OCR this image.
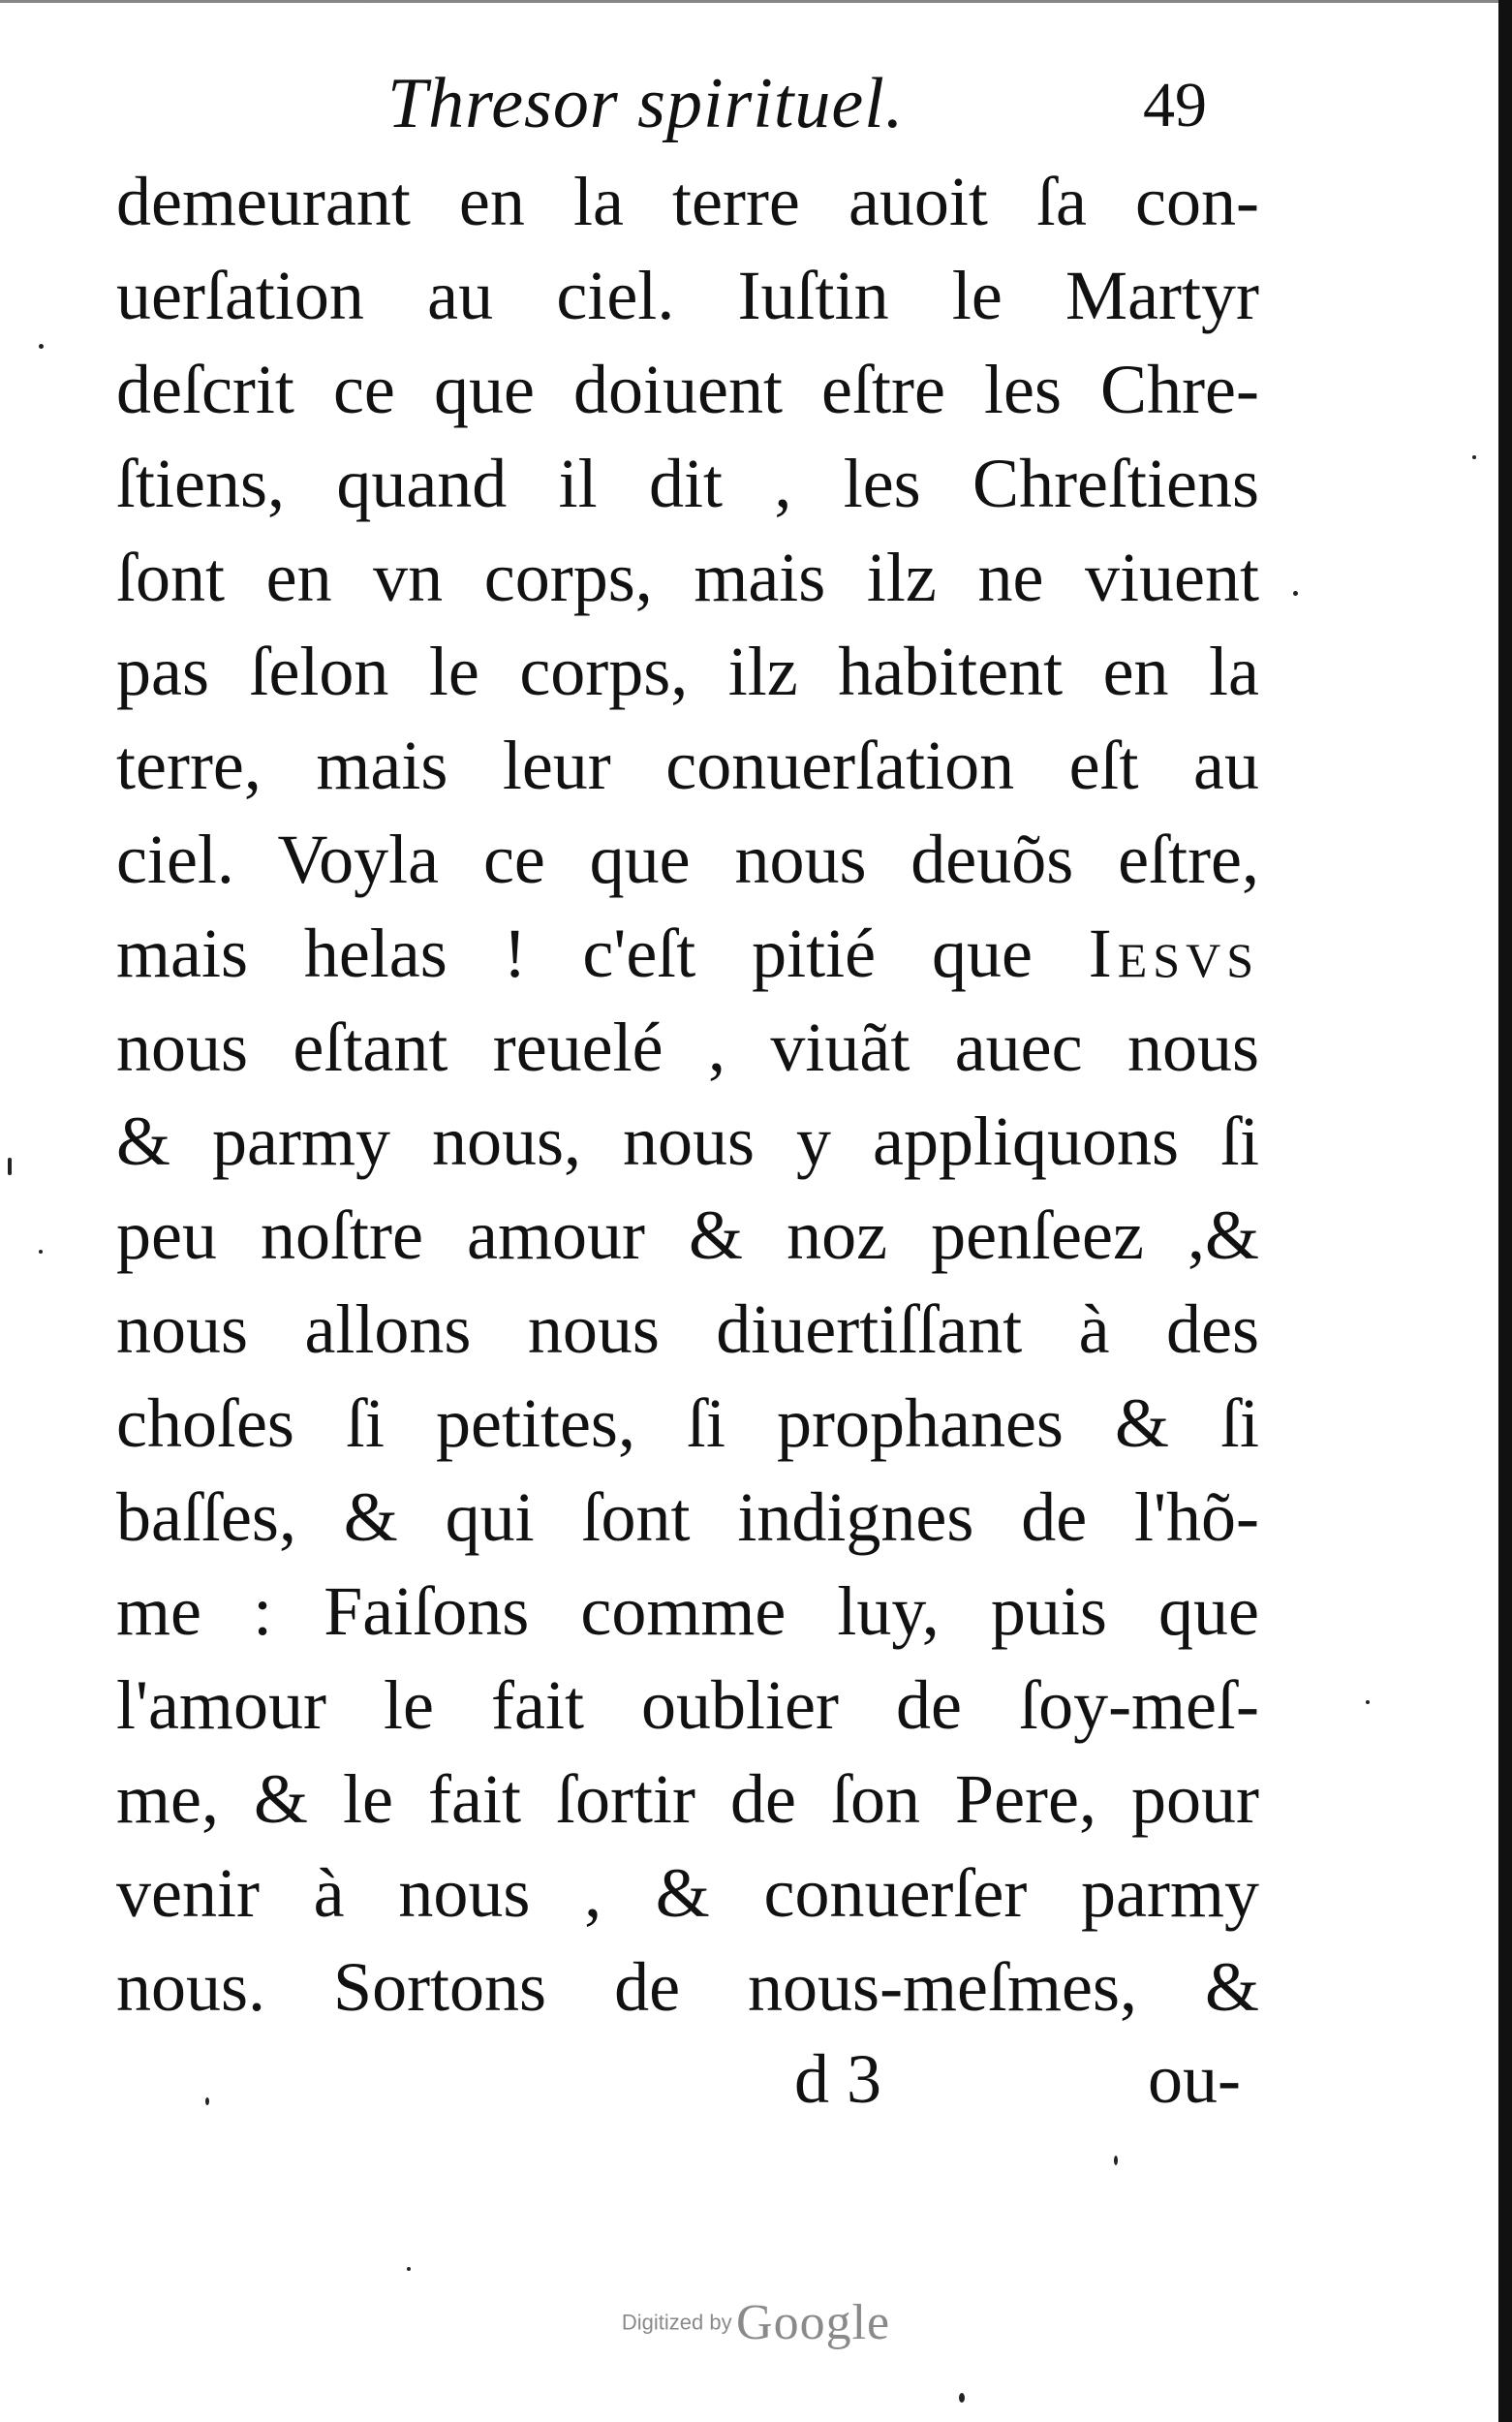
Thresor spirituel.	49
demeurant en la terre auoit ſa con-
uerſation au ciel. Iuſtin le Martyr
deſcrit ce que doiuent eſtre les Chre-
ſtiens, quand il dit , les Chreſtiens
ſont en vn corps, mais ilz ne viuent
pas ſelon le corps, ilz habitent en la
terre, mais leur conuerſation eſt au
ciel. Voyla ce que nous deuõs eſtre,
mais helas ! c'eſt pitié que Iesvs
nous eſtant reuelé , viuãt auec nous
& parmy nous, nous y appliquons ſi
peu noſtre amour & noz penſeez ,&
nous allons nous diuertiſſant à des
choſes ſi petites, ſi prophanes & ſi
baſſes, & qui ſont indignes de l'hõ-
me : Faiſons comme luy, puis que
l'amour le fait oublier de ſoy-meſ-
me, & le fait ſortir de ſon Pere, pour
venir à nous , & conuerſer parmy
nous. Sortons de nous-meſmes, &
d 3	ou-
Digitized by Google
